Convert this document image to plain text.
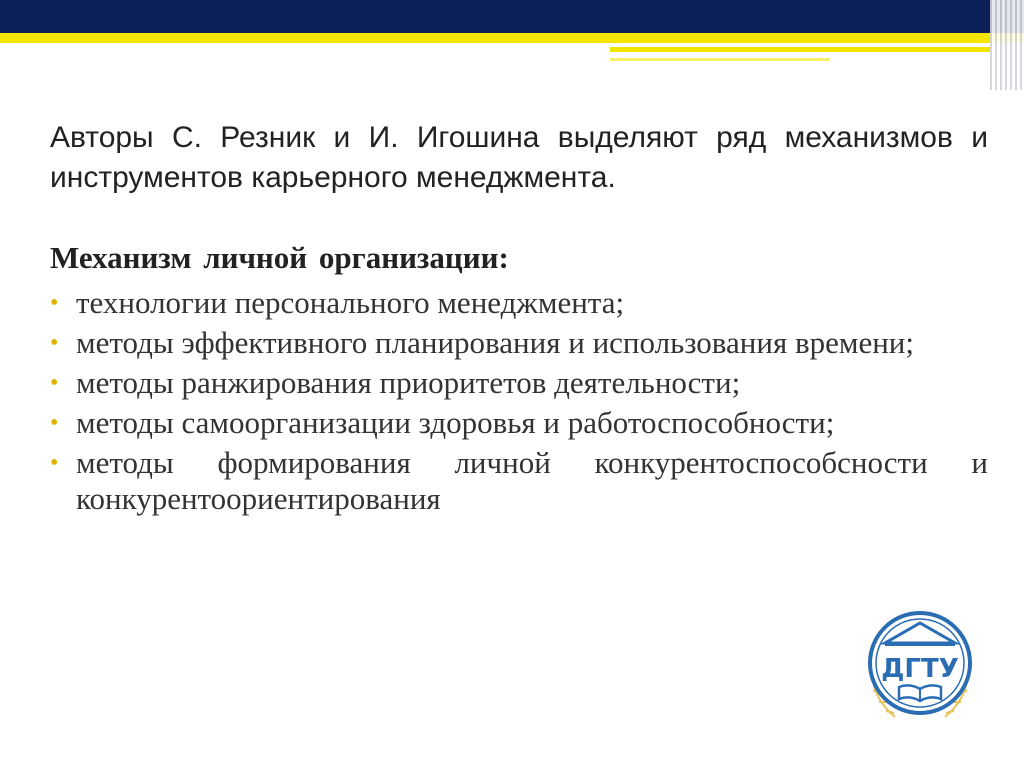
Авторы С. Резник и И. Игошина выделяют ряд механизмов и инструментов карьерного менеджмента.

Механизм личной организации:
• технологии персонального менеджмента;
• методы эффективного планирования и использования времени;
• методы ранжирования приоритетов деятельности;
• методы самоорганизации здоровья и работоспособности;
• методы формирования личной конкурентоспособсности и конкурентоориентирования
ДГТУ
